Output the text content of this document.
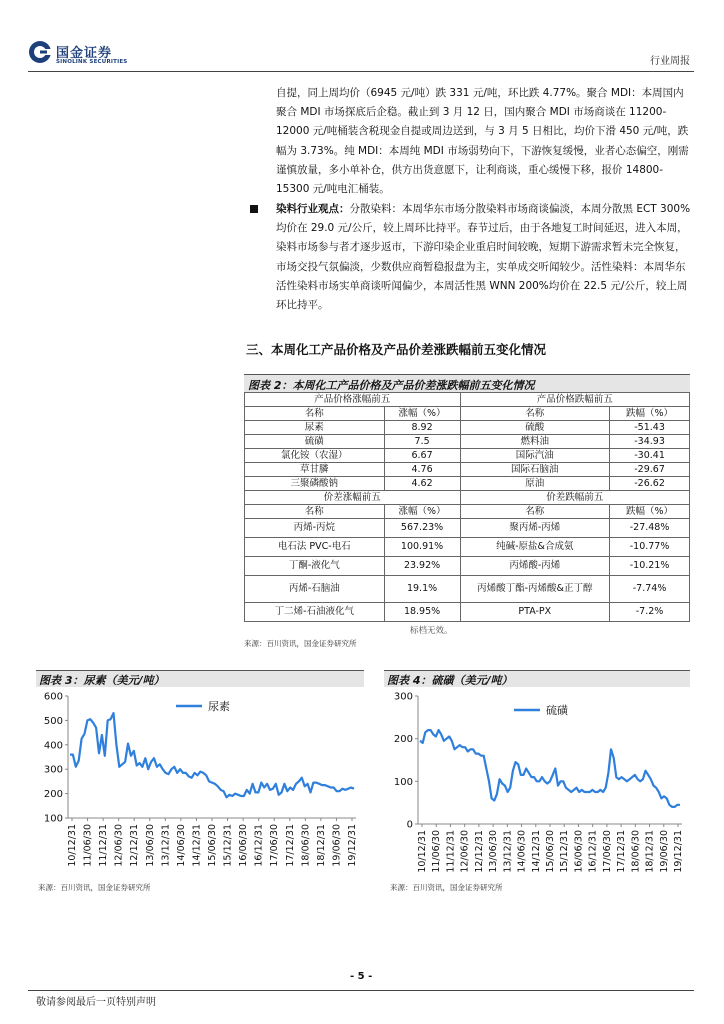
国金证券
SINOLINK SECURITIES	行业周报
自提，同上周均价（6945 元/吨）跌 331 元/吨，环比跌 4.77%。聚合 MDI：本周国内聚合 MDI 市场探底后企稳。截止到 3 月 12 日，国内聚合 MDI 市场商谈在 11200-12000 元/吨桶装含税现金自提或周边送到，与 3 月 5 日相比，均价下滑 450 元/吨，跌幅为 3.73%。纯 MDI：本周纯 MDI 市场弱势向下，下游恢复缓慢，业者心态偏空，刚需谨慎放量，多小单补仓，供方出货意愿下，让利商谈，重心缓慢下移，报价 14800-15300 元/吨电汇桶装。
染料行业观点：分散染料：本周华东市场分散染料市场商谈偏淡，本周分散黑 ECT 300%均价在 29.0 元/公斤，较上周环比持平。春节过后，由于各地复工时间延迟，进入本周，染料市场参与者才逐步返市，下游印染企业重启时间较晚，短期下游需求暂未完全恢复，市场交投气氛偏淡，少数供应商暂稳报盘为主，实单成交听闻较少。活性染料：本周华东活性染料市场实单商谈听闻偏少，本周活性黑 WNN 200%均价在 22.5 元/公斤，较上周环比持平。
三、本周化工产品价格及产品价差涨跌幅前五变化情况
图表 2：本周化工产品价格及产品价差涨跌幅前五变化情况
产品价格涨幅前五		产品价格跌幅前五	
名称	涨幅（%）	名称	跌幅（%）
尿素	8.92	硫酸	-51.43
硫磺	7.5	燃料油	-34.93
氯化铵（农湿）	6.67	国际汽油	-30.41
草甘膦	4.76	国际石脑油	-29.67
三聚磷酸钠	4.62	原油	-26.62
价差涨幅前五		价差跌幅前五	
名称	涨幅（%）	名称	跌幅（%）
丙烯-丙烷	567.23%	聚丙烯-丙烯	-27.48%
电石法 PVC-电石	100.91%	纯碱-原盐&合成氨	-10.77%
丁酮-液化气	23.92%	丙烯酸-丙烯	-10.21%
丙烯-石脑油	19.1%	丙烯酸丁酯-丙烯酸&正丁醇	-7.74%
丁二烯-石油液化气	18.95%	PTA-PX	-7.2%
标档无效。
来源：百川资讯，国金证券研究所
图表 3：尿素（美元/吨）
100
200
300
400
500
600
10/12/31 11/06/30 11/12/31 12/06/30 12/12/31 13/06/30 13/12/31 14/06/30 14/12/31 15/06/30 15/12/31 16/06/30 16/12/31 17/06/30 17/12/31 18/06/30 18/12/31 19/06/30 19/12/31
尿素
来源：百川资讯，国金证券研究所
图表 4：硫磺（美元/吨）
0
100
200
300
10/12/31 11/06/30 11/12/31 12/06/30 12/12/31 13/06/30 13/12/31 14/06/30 14/12/31 15/06/30 15/12/31 16/06/30 16/12/31 17/06/30 17/12/31 18/06/30 18/12/31 19/06/30 19/12/31
硫磺
来源：百川资讯，国金证券研究所
- 5 -
敬请参阅最后一页特别声明
